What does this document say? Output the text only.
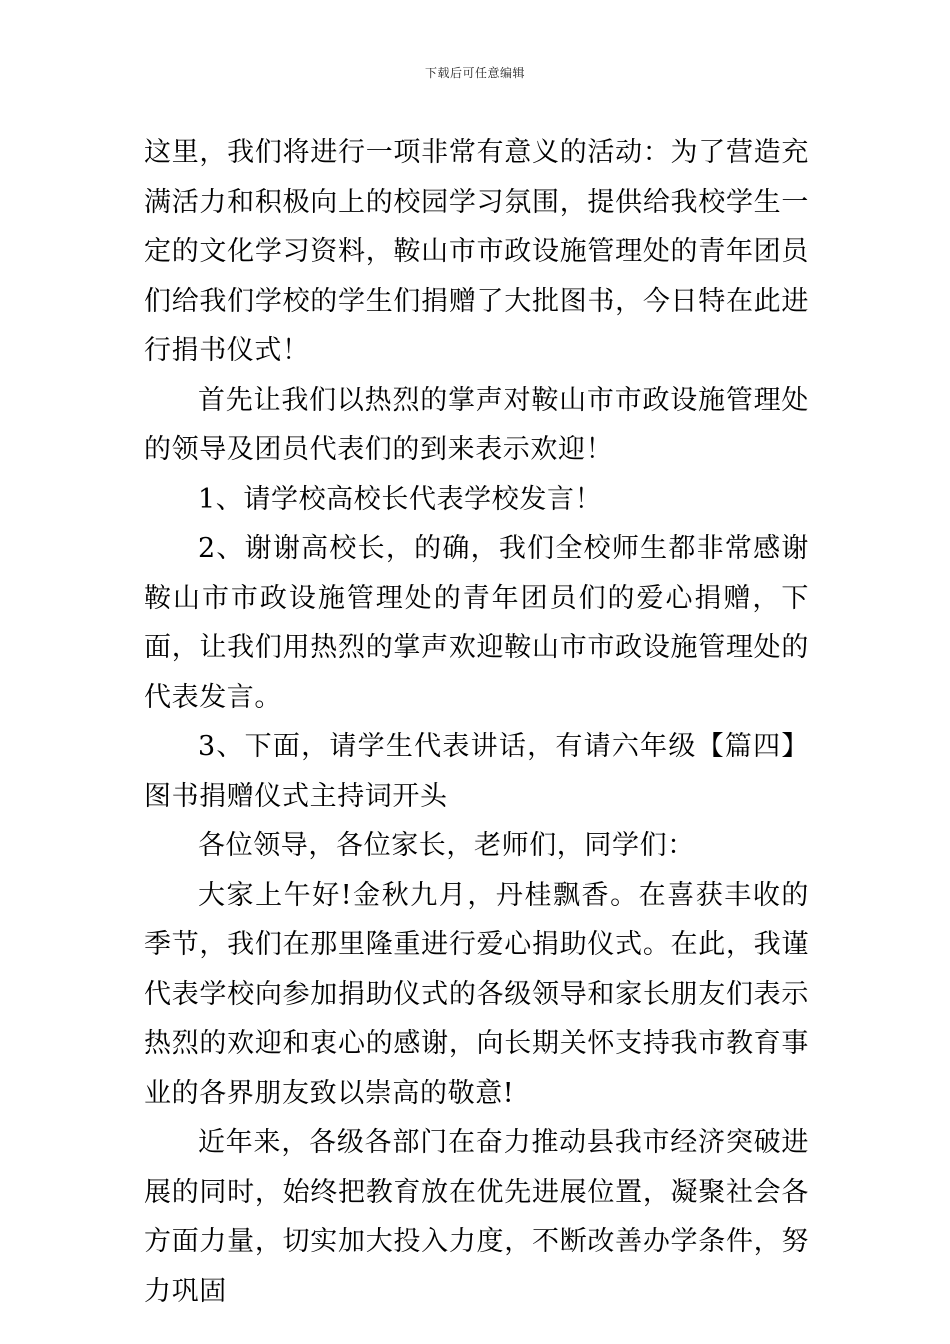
下载后可任意编辑

这里，我们将进行一项非常有意义的活动：为了营造充满活力和积极向上的校园学习氛围，提供给我校学生一定的文化学习资料，鞍山市市政设施管理处的青年团员们给我们学校的学生们捐赠了大批图书，今日特在此进行捐书仪式！

首先让我们以热烈的掌声对鞍山市市政设施管理处的领导及团员代表们的到来表示欢迎！

1、请学校高校长代表学校发言！

2、谢谢高校长，的确，我们全校师生都非常感谢鞍山市市政设施管理处的青年团员们的爱心捐赠，下面，让我们用热烈的掌声欢迎鞍山市市政设施管理处的代表发言。

3、下面，请学生代表讲话，有请六年级【篇四】图书捐赠仪式主持词开头

各位领导，各位家长，老师们，同学们：

大家上午好!金秋九月，丹桂飘香。在喜获丰收的季节，我们在那里隆重进行爱心捐助仪式。在此，我谨代表学校向参加捐助仪式的各级领导和家长朋友们表示热烈的欢迎和衷心的感谢，向长期关怀支持我市教育事业的各界朋友致以崇高的敬意!

近年来，各级各部门在奋力推动县我市经济突破进展的同时，始终把教育放在优先进展位置，凝聚社会各方面力量，切实加大投入力度，不断改善办学条件，努力巩固
